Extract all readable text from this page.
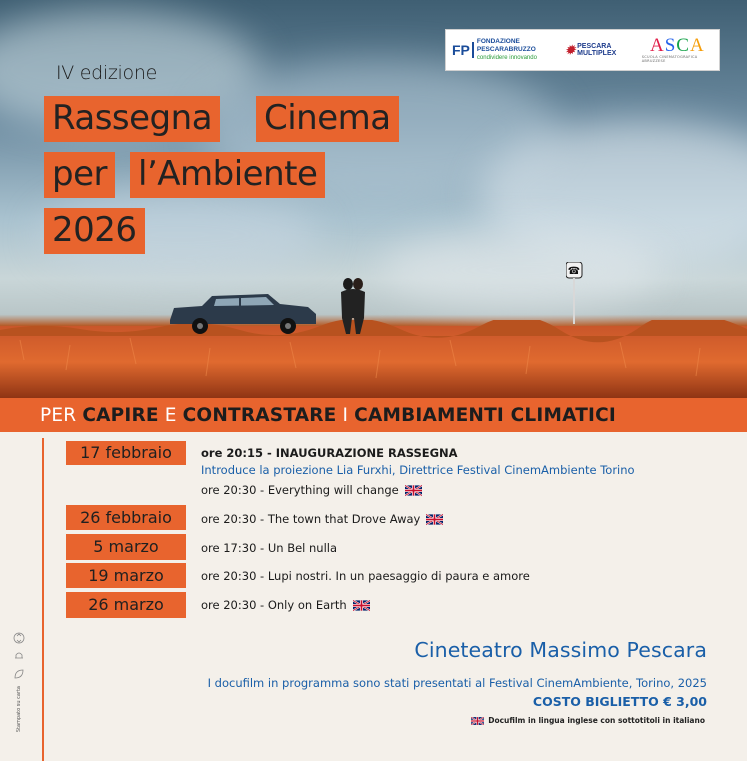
☎
FP
FONDAZIONE PESCARABRUZZO
condividere innovando
✹ PESCARA MULTIPLEX	ASCA
SCUOLA CINEMATOGRAFICA ABRUZZESE
IV edizione
Rassegna Cinema
per l’Ambiente
2026
PER CAPIRE E CONTRASTARE I CAMBIAMENTI CLIMATICI
17 febbraio	ore 20:15 - INAUGURAZIONE RASSEGNA
Introduce la proiezione Lia Furxhi, Direttrice Festival CinemAmbiente Torino
ore 20:30 - Everything will change
26 febbraio	ore 20:30 - The town that Drove Away
5 marzo	ore 17:30 - Un Bel nulla
19 marzo	ore 20:30 - Lupi nostri. In un paesaggio di paura e amore
26 marzo	ore 20:30 - Only on Earth
Cineteatro Massimo Pescara
I docufilm in programma sono stati presentati al Festival CinemAmbiente, Torino, 2025
COSTO BIGLIETTO € 3,00
Docufilm in lingua inglese con sottotitoli in italiano
Stampato su carta
